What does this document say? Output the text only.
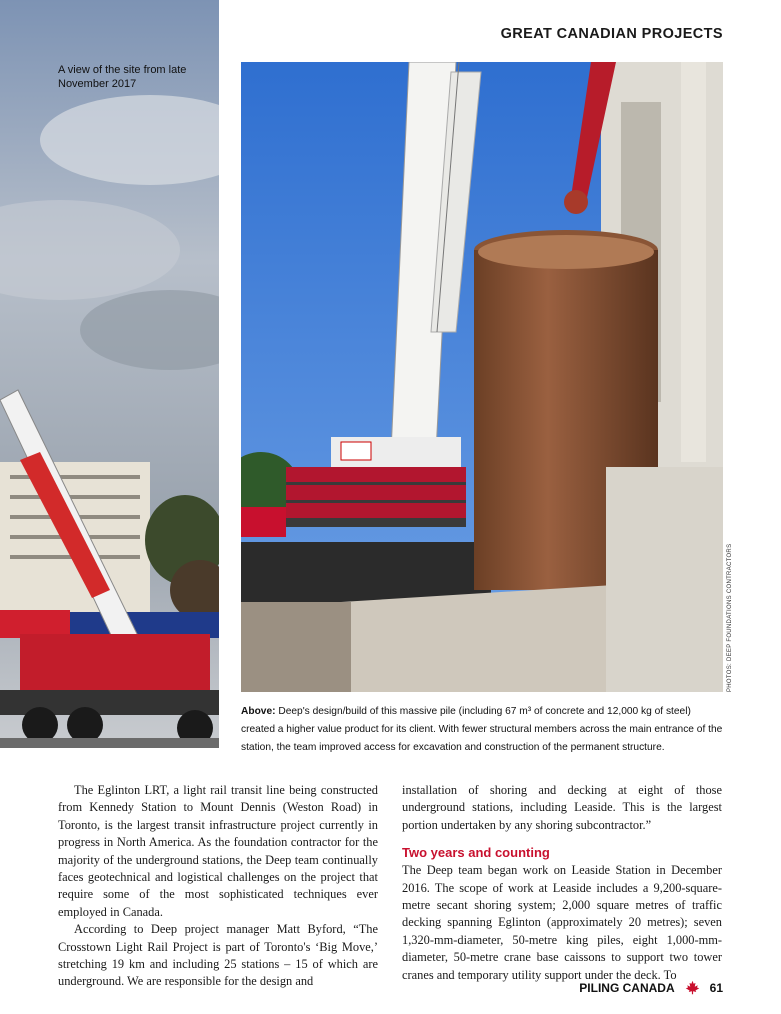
GREAT CANADIAN PROJECTS
A view of the site from late November 2017
PHOTOS: DEEP FOUNDATIONS CONTRACTORS
Above: Deep's design/build of this massive pile (including 67 m³ of concrete and 12,000 kg of steel) created a higher value product for its client. With fewer structural members across the main entrance of the station, the team improved access for excavation and construction of the permanent structure.

The Eglinton LRT, a light rail transit line being constructed from Kennedy Station to Mount Dennis (Weston Road) in Toronto, is the largest transit infrastructure project currently in progress in North America. As the foundation contractor for the majority of the underground stations, the Deep team continually faces geotechnical and logistical challenges on the project that require some of the most sophisticated techniques ever employed in Canada.

According to Deep project manager Matt Byford, “The Crosstown Light Rail Project is part of Toronto's ‘Big Move,’ stretching 19 km and including 25 stations – 15 of which are underground. We are responsible for the design and

installation of shoring and decking at eight of those underground stations, including Leaside. This is the largest portion undertaken by any shoring subcontractor.”

Two years and counting

The Deep team began work on Leaside Station in December 2016. The scope of work at Leaside includes a 9,200-square-metre secant shoring system; 2,000 square metres of traffic decking spanning Eglinton (approximately 20 metres); seven 1,320-mm-diameter, 50-metre king piles, eight 1,000-mm-diameter, 50-metre crane base caissons to support two tower cranes and temporary utility support under the deck. To

PILING CANADA	61
